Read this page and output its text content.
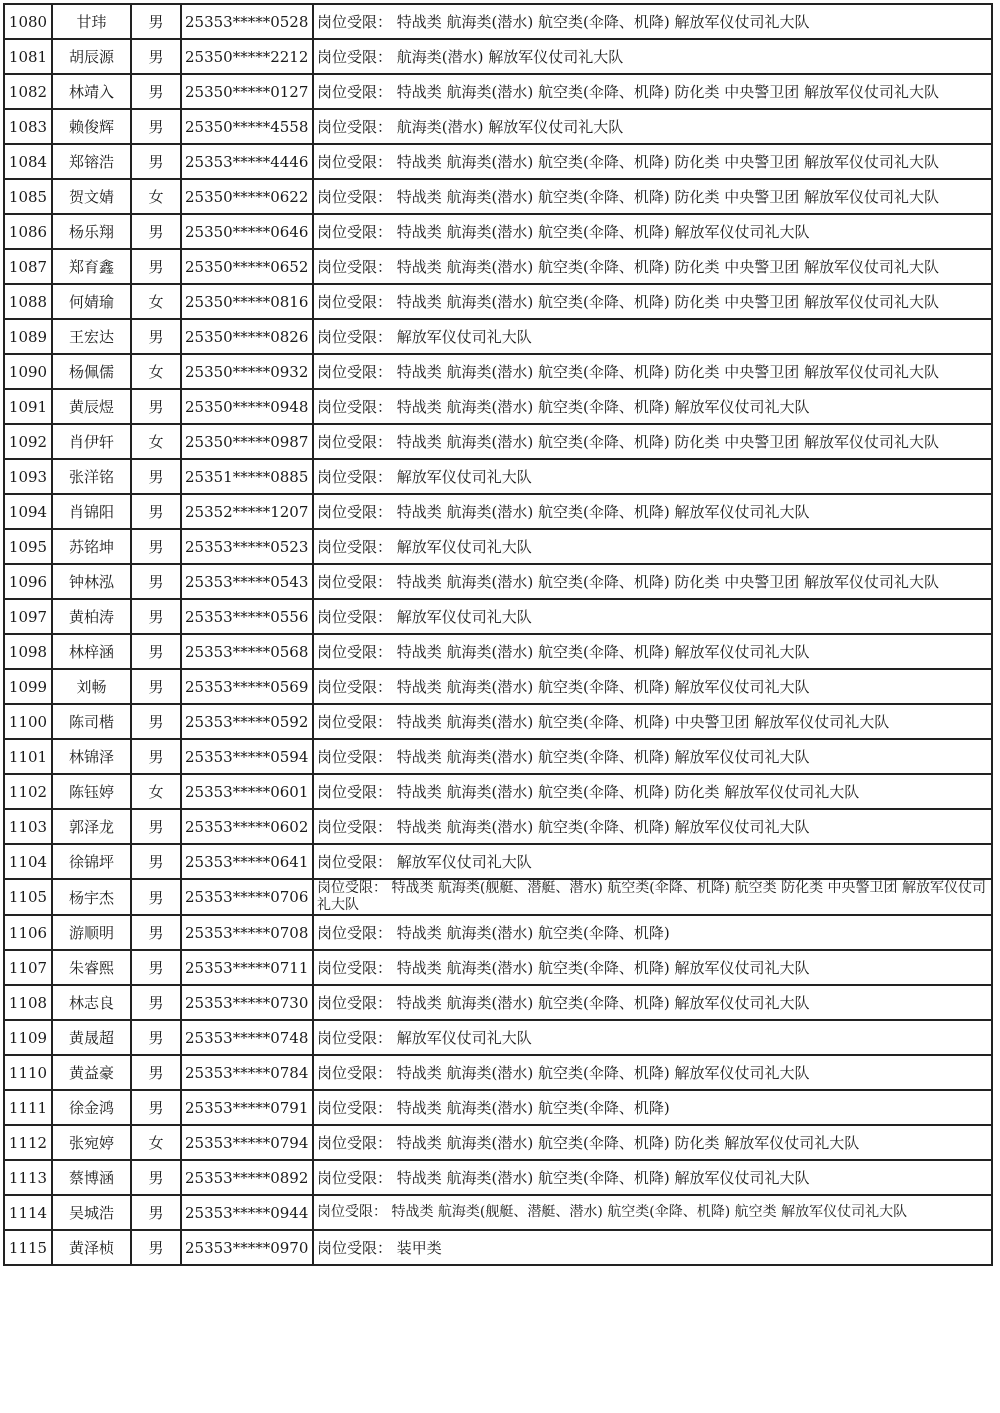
1080	甘玮	男	25353*****0528	岗位受限： 特战类 航海类(潜水) 航空类(伞降、机降) 解放军仪仗司礼大队
1081	胡辰源	男	25350*****2212	岗位受限： 航海类(潜水) 解放军仪仗司礼大队
1082	林靖入	男	25350*****0127	岗位受限： 特战类 航海类(潜水) 航空类(伞降、机降) 防化类 中央警卫团 解放军仪仗司礼大队
1083	赖俊辉	男	25350*****4558	岗位受限： 航海类(潜水) 解放军仪仗司礼大队
1084	郑镕浩	男	25353*****4446	岗位受限： 特战类 航海类(潜水) 航空类(伞降、机降) 防化类 中央警卫团 解放军仪仗司礼大队
1085	贺文婧	女	25350*****0622	岗位受限： 特战类 航海类(潜水) 航空类(伞降、机降) 防化类 中央警卫团 解放军仪仗司礼大队
1086	杨乐翔	男	25350*****0646	岗位受限： 特战类 航海类(潜水) 航空类(伞降、机降) 解放军仪仗司礼大队
1087	郑育鑫	男	25350*****0652	岗位受限： 特战类 航海类(潜水) 航空类(伞降、机降) 防化类 中央警卫团 解放军仪仗司礼大队
1088	何婧瑜	女	25350*****0816	岗位受限： 特战类 航海类(潜水) 航空类(伞降、机降) 防化类 中央警卫团 解放军仪仗司礼大队
1089	王宏达	男	25350*****0826	岗位受限： 解放军仪仗司礼大队
1090	杨佩儒	女	25350*****0932	岗位受限： 特战类 航海类(潜水) 航空类(伞降、机降) 防化类 中央警卫团 解放军仪仗司礼大队
1091	黄辰煜	男	25350*****0948	岗位受限： 特战类 航海类(潜水) 航空类(伞降、机降) 解放军仪仗司礼大队
1092	肖伊轩	女	25350*****0987	岗位受限： 特战类 航海类(潜水) 航空类(伞降、机降) 防化类 中央警卫团 解放军仪仗司礼大队
1093	张洋铭	男	25351*****0885	岗位受限： 解放军仪仗司礼大队
1094	肖锦阳	男	25352*****1207	岗位受限： 特战类 航海类(潜水) 航空类(伞降、机降) 解放军仪仗司礼大队
1095	苏铭坤	男	25353*****0523	岗位受限： 解放军仪仗司礼大队
1096	钟林泓	男	25353*****0543	岗位受限： 特战类 航海类(潜水) 航空类(伞降、机降) 防化类 中央警卫团 解放军仪仗司礼大队
1097	黄柏涛	男	25353*****0556	岗位受限： 解放军仪仗司礼大队
1098	林梓涵	男	25353*****0568	岗位受限： 特战类 航海类(潜水) 航空类(伞降、机降) 解放军仪仗司礼大队
1099	刘畅	男	25353*****0569	岗位受限： 特战类 航海类(潜水) 航空类(伞降、机降) 解放军仪仗司礼大队
1100	陈司楷	男	25353*****0592	岗位受限： 特战类 航海类(潜水) 航空类(伞降、机降) 中央警卫团 解放军仪仗司礼大队
1101	林锦泽	男	25353*****0594	岗位受限： 特战类 航海类(潜水) 航空类(伞降、机降) 解放军仪仗司礼大队
1102	陈钰婷	女	25353*****0601	岗位受限： 特战类 航海类(潜水) 航空类(伞降、机降) 防化类 解放军仪仗司礼大队
1103	郭泽龙	男	25353*****0602	岗位受限： 特战类 航海类(潜水) 航空类(伞降、机降) 解放军仪仗司礼大队
1104	徐锦坪	男	25353*****0641	岗位受限： 解放军仪仗司礼大队
1105	杨宇杰	男	25353*****0706	岗位受限： 特战类 航海类(舰艇、潜艇、潜水) 航空类(伞降、机降) 航空类 防化类 中央警卫团 解放军仪仗司礼大队
1106	游顺明	男	25353*****0708	岗位受限： 特战类 航海类(潜水) 航空类(伞降、机降)
1107	朱睿熙	男	25353*****0711	岗位受限： 特战类 航海类(潜水) 航空类(伞降、机降) 解放军仪仗司礼大队
1108	林志良	男	25353*****0730	岗位受限： 特战类 航海类(潜水) 航空类(伞降、机降) 解放军仪仗司礼大队
1109	黄晟超	男	25353*****0748	岗位受限： 解放军仪仗司礼大队
1110	黄益豪	男	25353*****0784	岗位受限： 特战类 航海类(潜水) 航空类(伞降、机降) 解放军仪仗司礼大队
1111	徐金鸿	男	25353*****0791	岗位受限： 特战类 航海类(潜水) 航空类(伞降、机降)
1112	张宛婷	女	25353*****0794	岗位受限： 特战类 航海类(潜水) 航空类(伞降、机降) 防化类 解放军仪仗司礼大队
1113	蔡博涵	男	25353*****0892	岗位受限： 特战类 航海类(潜水) 航空类(伞降、机降) 解放军仪仗司礼大队
1114	吴城浩	男	25353*****0944	岗位受限： 特战类 航海类(舰艇、潜艇、潜水) 航空类(伞降、机降) 航空类 解放军仪仗司礼大队
1115	黄泽桢	男	25353*****0970	岗位受限： 装甲类
